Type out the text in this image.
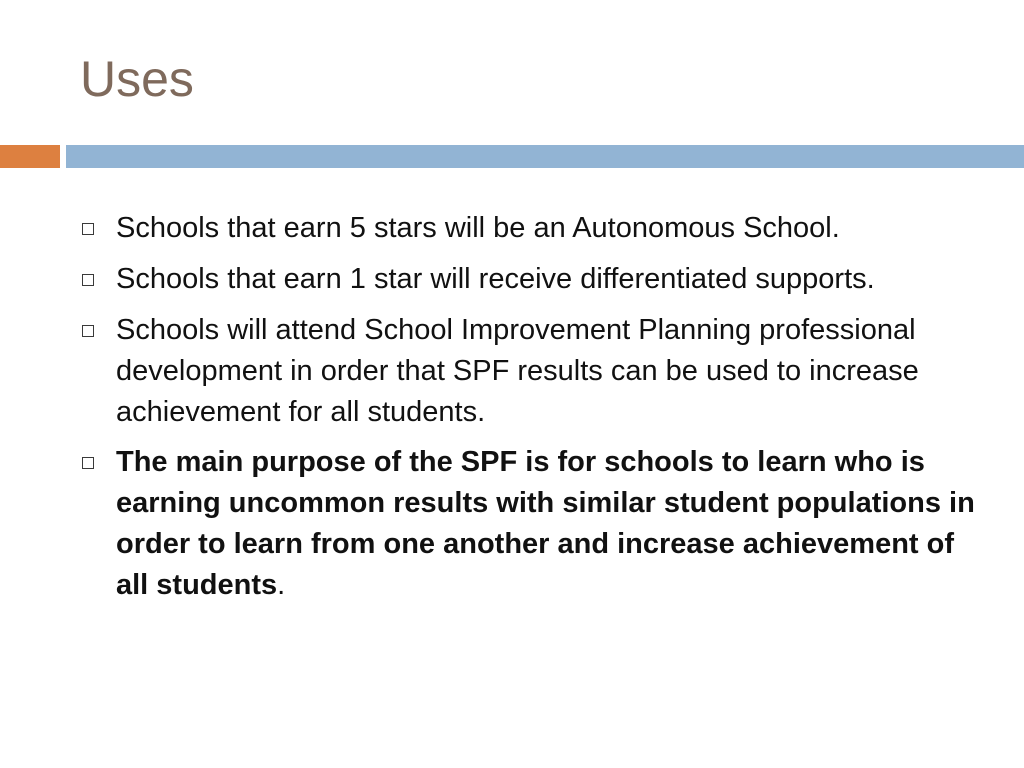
Uses
Schools that earn 5 stars will be an Autonomous School.
Schools that earn 1 star will receive differentiated supports.
Schools will attend School Improvement Planning professional development in order that SPF results can be used to increase achievement for all students.
The main purpose of the SPF is for schools to learn who is earning uncommon results with similar student populations in order to learn from one another and increase achievement of all students.
